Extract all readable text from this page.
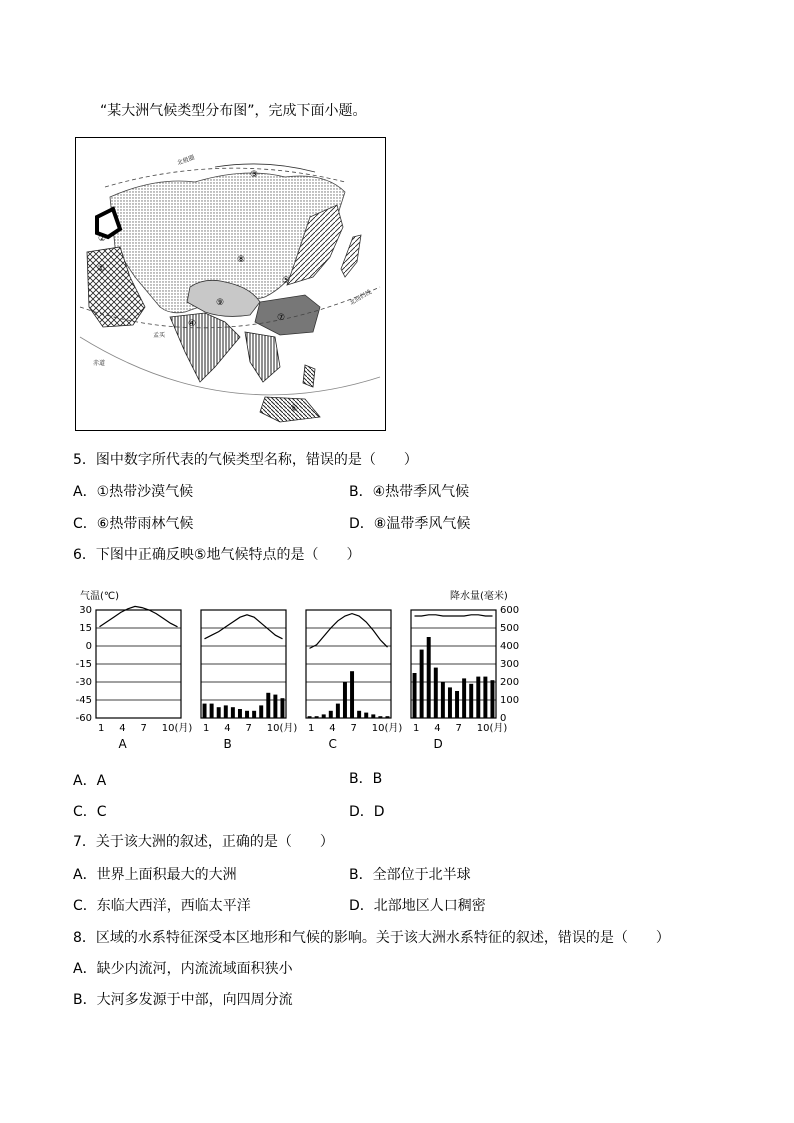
“某大洲气候类型分布图”，完成下面小题。
①
②
③
④
⑤
⑥
⑦
⑧
⑨
赤道
北回归线
北极圈
孟买
5．图中数字所代表的气候类型名称，错误的是（　　）
A．①热带沙漠气候	B．④热带季风气候
C．⑥热带雨林气候	D．⑧温带季风气候
6．下图中正确反映⑤地气候特点的是（　　）
气温(℃)	降水量(毫米)
30
15
0
-15
-30
-45
-60
600
500
400
300
200
100
0
1 4 7 10(月)
A
1 4 7 10(月)
B
1 4 7 10(月)
C
1 4 7 10(月)
D
A．A	B．B
C．C	D．D
7．关于该大洲的叙述，正确的是（　　）
A．世界上面积最大的大洲	B．全部位于北半球
C．东临大西洋，西临太平洋	D．北部地区人口稠密
8．区域的水系特征深受本区地形和气候的影响。关于该大洲水系特征的叙述，错误的是（　　）
A．缺少内流河，内流流域面积狭小
B．大河多发源于中部，向四周分流
